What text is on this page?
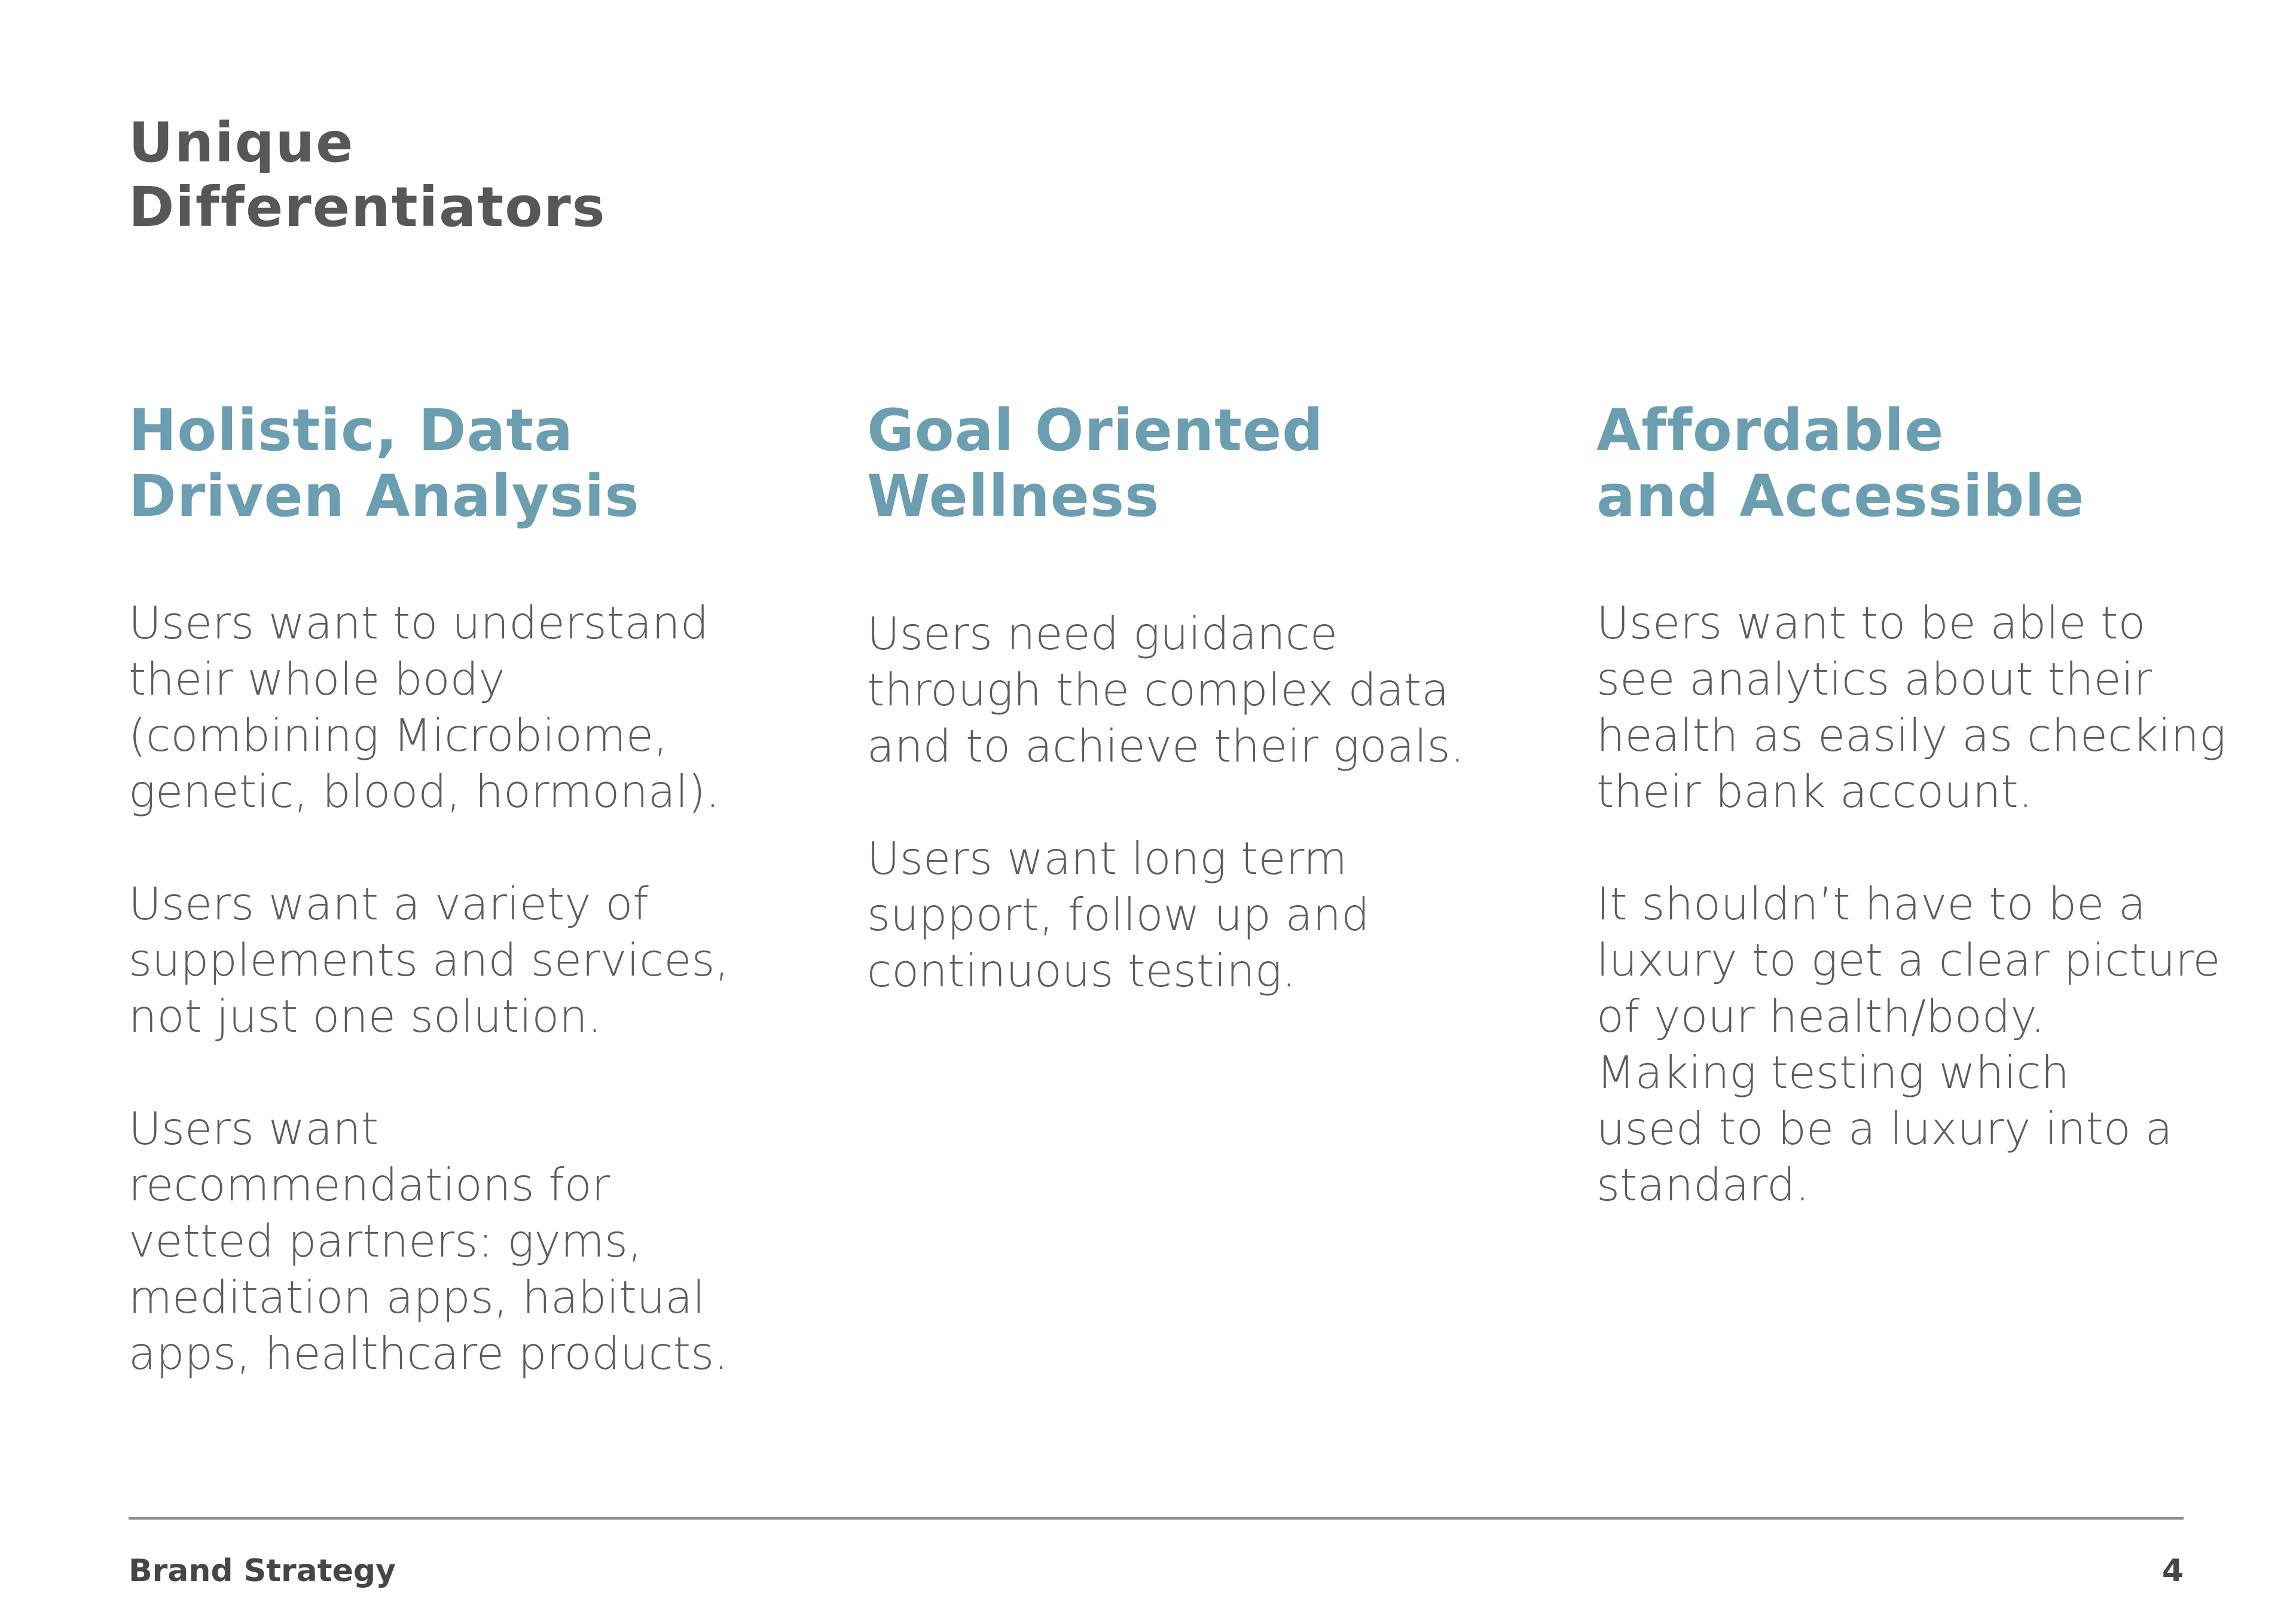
Unique
Differentiators
Holistic, Data
Driven Analysis

Users want to understand
their whole body
(combining Microbiome,
genetic, blood, hormonal).

Users want a variety of
supplements and services,
not just one solution.

Users want
recommendations for
vetted partners: gyms,
meditation apps, habitual
apps, healthcare products.

Goal Oriented
Wellness

Users need guidance
through the complex data
and to achieve their goals.

Users want long term
support, follow up and
continuous testing.

Affordable
and Accessible

Users want to be able to
see analytics about their
health as easily as checking
their bank account.

It shouldn’t have to be a
luxury to get a clear picture
of your health/body.
Making testing which
used to be a luxury into a
standard.

Brand Strategy	4
